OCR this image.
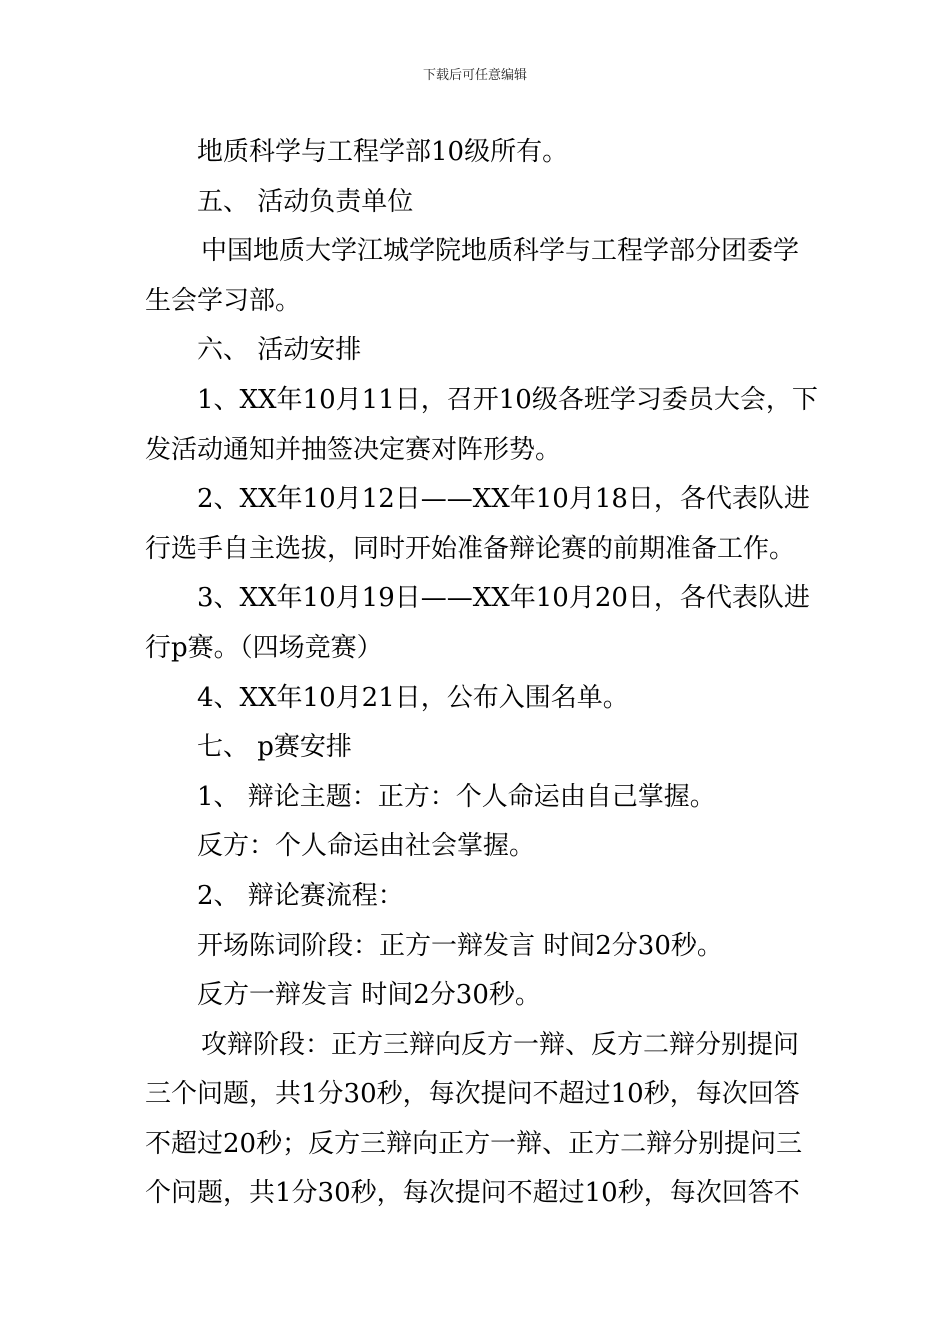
下载后可任意编辑

地质科学与工程学部10级所有。

五、 活动负责单位

中国地质大学江城学院地质科学与工程学部分团委学

生会学习部。

六、 活动安排

1、XX年10月11日，召开10级各班学习委员大会，下

发活动通知并抽签决定赛对阵形势。

2、XX年10月12日——XX年10月18日，各代表队进

行选手自主选拔，同时开始准备辩论赛的前期准备工作。

3、XX年10月19日——XX年10月20日，各代表队进

行p赛。（四场竞赛）

4、XX年10月21日，公布入围名单。

七、 p赛安排

1、 辩论主题：正方：个人命运由自己掌握。

反方：个人命运由社会掌握。

2、 辩论赛流程：

开场陈词阶段：正方一辩发言 时间2分30秒。

反方一辩发言 时间2分30秒。

攻辩阶段：正方三辩向反方一辩、反方二辩分别提问

三个问题，共1分30秒，每次提问不超过10秒，每次回答

不超过20秒；反方三辩向正方一辩、正方二辩分别提问三

个问题，共1分30秒，每次提问不超过10秒，每次回答不
